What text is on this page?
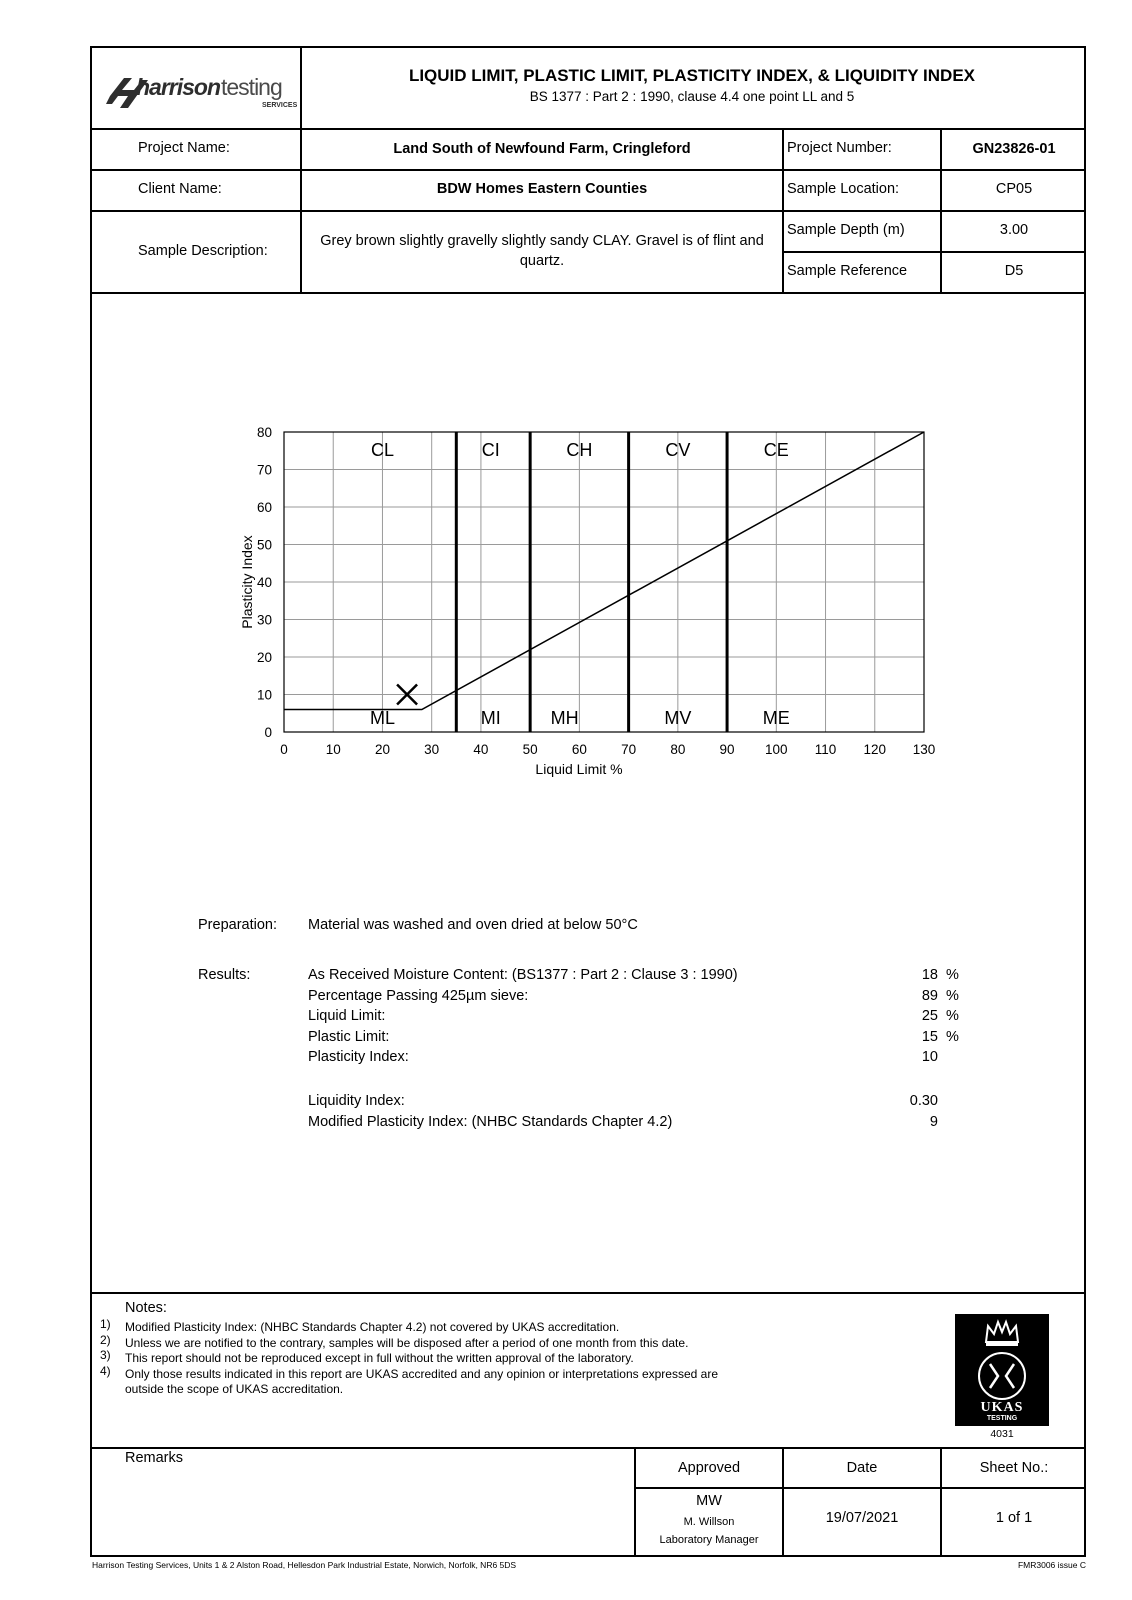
harrison testing
SERVICES
LIQUID LIMIT, PLASTIC LIMIT, PLASTICITY INDEX, & LIQUIDITY INDEX
BS 1377 : Part 2 : 1990, clause 4.4 one point LL and 5
Project Name:	Land South of Newfound Farm, Cringleford	Project Number:	GN23826-01
Client Name:	BDW Homes Eastern Counties	Sample Location:	CP05
Sample Description:
Grey brown slightly gravelly slightly sandy CLAY. Gravel is of flint and
quartz.
Sample Depth (m)	3.00
Sample Reference	D5
CL	CI	CH	CV	CE
ML	MI	MH	MV	ME
0	10	20	30	40	50	60	70	80	90 100 110 120 130
0
10
20
30
40
50
60
70
80
Liquid Limit %
Plasticity Index
Preparation: Material was washed and oven dried at below 50°C
Results:	As Received Moisture Content: (BS1377 : Part 2 : Clause 3 : 1990)	18 %
Percentage Passing 425µm sieve:	89 %
Liquid Limit:	25 %
Plastic Limit:	15 %
Plasticity Index:	10
Liquidity Index:	0.30
Modified Plasticity Index: (NHBC Standards Chapter 4.2)	9
Notes:
1) Modified Plasticity Index: (NHBC Standards Chapter 4.2) not covered by UKAS accreditation.
2) Unless we are notified to the contrary, samples will be disposed after a period of one month from this date.
3) This report should not be reproduced except in full without the written approval of the laboratory.
4) Only those results indicated in this report are UKAS accredited and any opinion or interpretations expressed are
outside the scope of UKAS accreditation.
UKAS
TESTING
4031
Remarks
Approved	Date	Sheet No.:
MW
M. Willson
Laboratory Manager
19/07/2021	1 of 1
Harrison Testing Services, Units 1 & 2 Alston Road, Hellesdon Park Industrial Estate, Norwich, Norfolk, NR6 5DS	FMR3006 issue C
